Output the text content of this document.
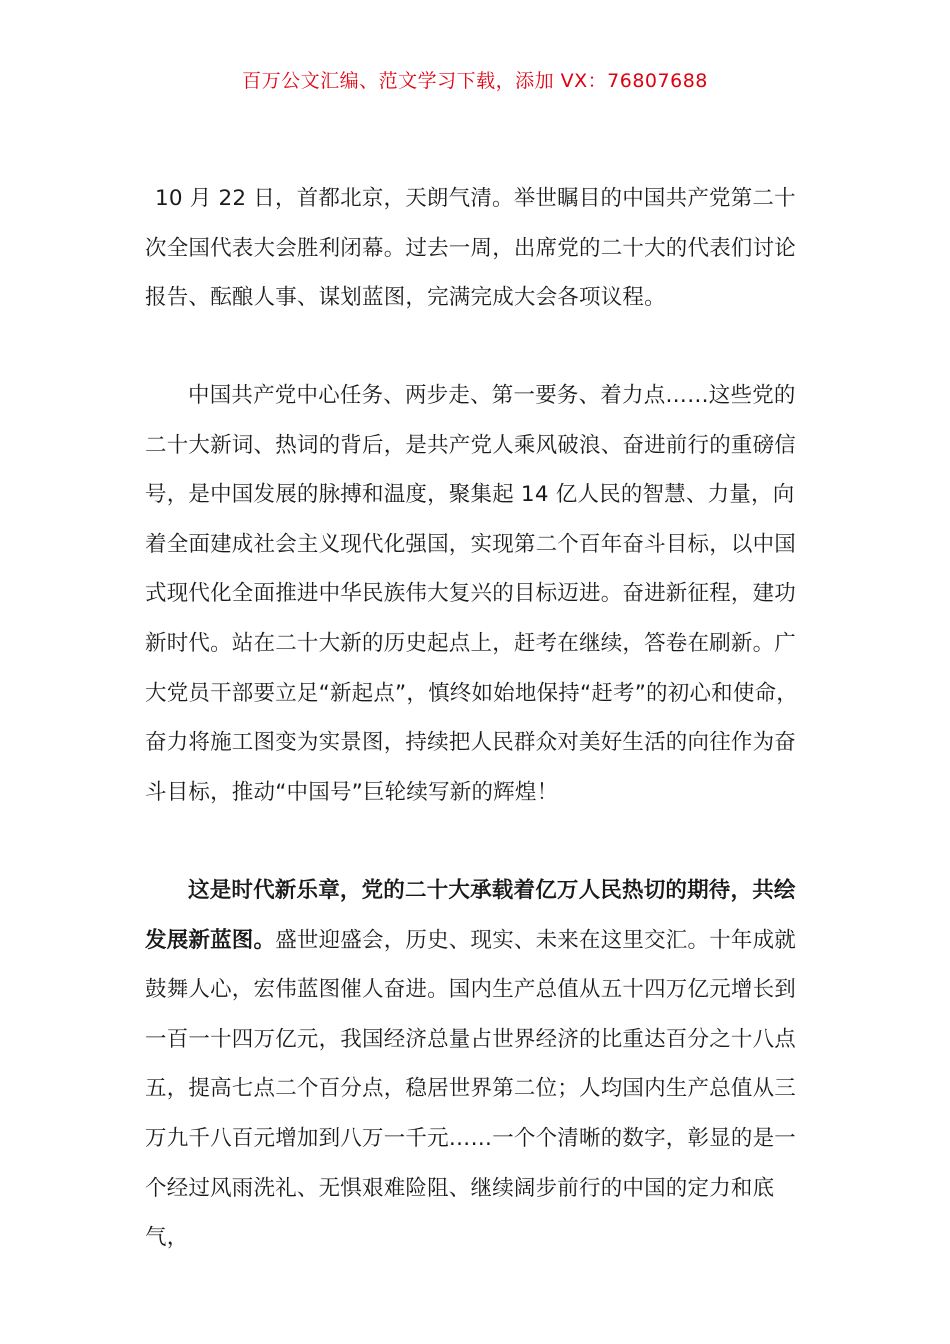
百万公文汇编、范文学习下载，添加 VX：76807688

10 月 22 日，首都北京，天朗气清。举世瞩目的中国共产党第二十次全国代表大会胜利闭幕。过去一周，出席党的二十大的代表们讨论报告、酝酿人事、谋划蓝图，完满完成大会各项议程。

中国共产党中心任务、两步走、第一要务、着力点……这些党的二十大新词、热词的背后，是共产党人乘风破浪、奋进前行的重磅信号，是中国发展的脉搏和温度，聚集起 14 亿人民的智慧、力量，向着全面建成社会主义现代化强国，实现第二个百年奋斗目标，以中国式现代化全面推进中华民族伟大复兴的目标迈进。奋进新征程，建功新时代。站在二十大新的历史起点上，赶考在继续，答卷在刷新。广大党员干部要立足“新起点”，慎终如始地保持“赶考”的初心和使命，奋力将施工图变为实景图，持续把人民群众对美好生活的向往作为奋斗目标，推动“中国号”巨轮续写新的辉煌！

这是时代新乐章，党的二十大承载着亿万人民热切的期待，共绘发展新蓝图。盛世迎盛会，历史、现实、未来在这里交汇。十年成就鼓舞人心，宏伟蓝图催人奋进。国内生产总值从五十四万亿元增长到一百一十四万亿元，我国经济总量占世界经济的比重达百分之十八点五，提高七点二个百分点，稳居世界第二位；人均国内生产总值从三万九千八百元增加到八万一千元……一个个清晰的数字，彰显的是一个经过风雨洗礼、无惧艰难险阻、继续阔步前行的中国的定力和底气，
